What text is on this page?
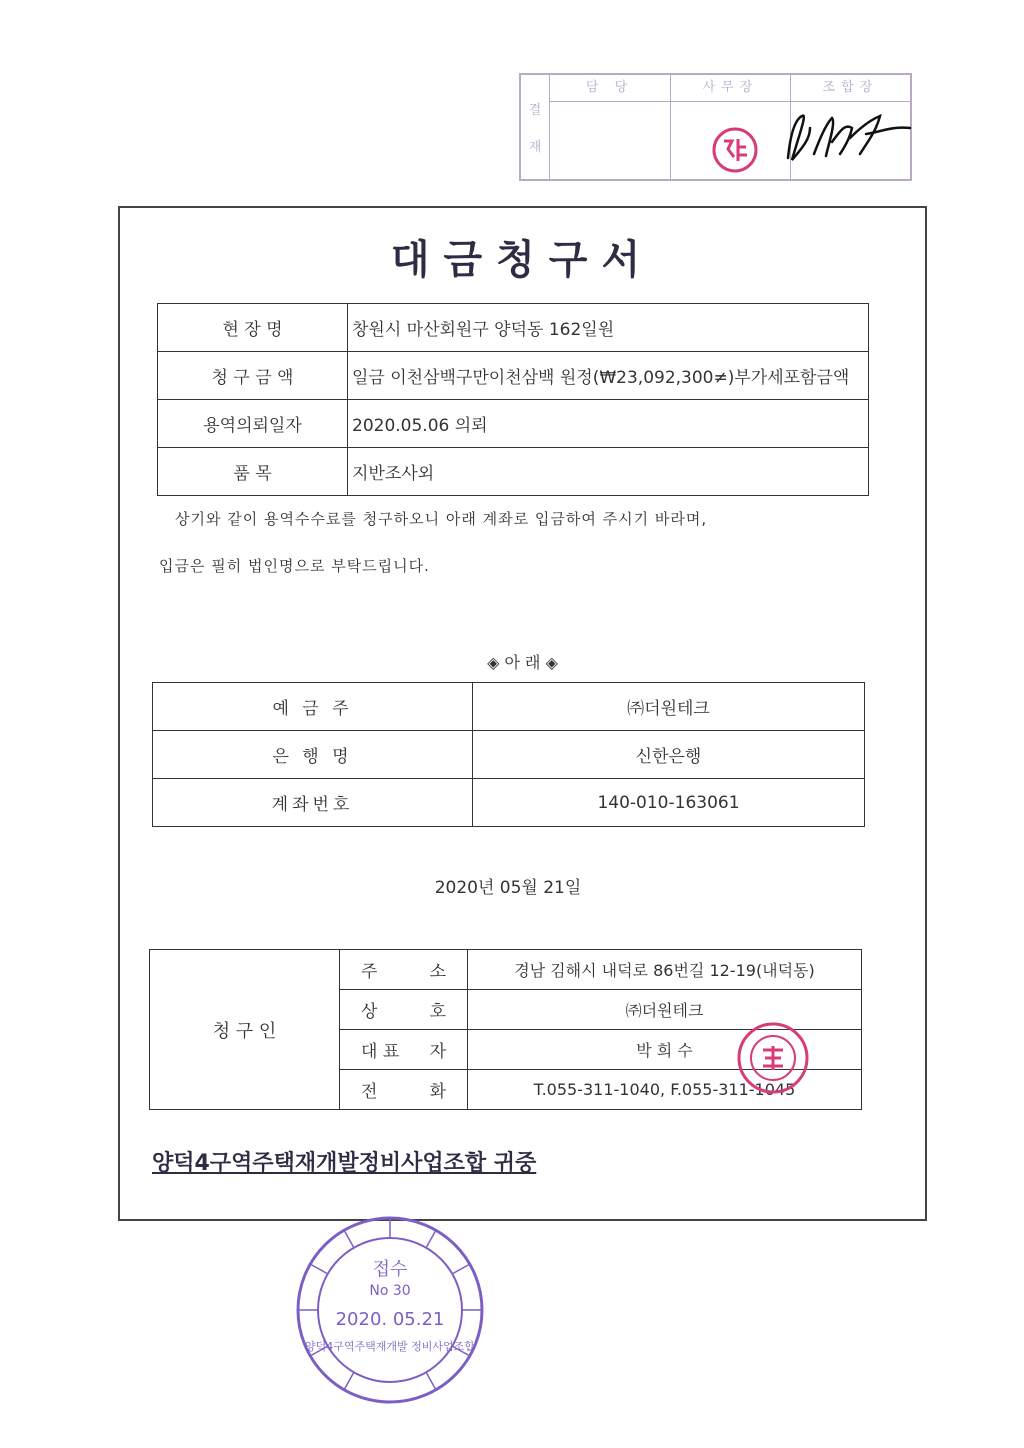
결
재
담 당	사무장	조합장
대금청구서
현 장 명	창원시 마산회원구 양덕동 162일원
청 구 금 액	일금 이천삼백구만이천삼백 원정(₩23,092,300≠)부가세포함금액
용역의뢰일자	2020.05.06 의뢰
품 목	지반조사외
상기와 같이 용역수수료를 청구하오니 아래 계좌로 입금하여 주시기 바라며,
입금은 필히 법인명으로 부탁드립니다.
◈ 아 래 ◈
예 금 주	㈜더원테크
은 행 명	신한은행
계좌번호	140-010-163061
2020년 05월 21일
청 구 인	주 소	경남 김해시 내덕로 86번길 12-19(내덕동)

	상 호	㈜더원테크

	대 표 자	박 희 수

	전 화	T.055-311-1040, F.055-311-1045
양덕4구역주택재개발정비사업조합 귀중
접수
No 30
2020. 05.21
양덕4구역주택재개발 정비사업조합
